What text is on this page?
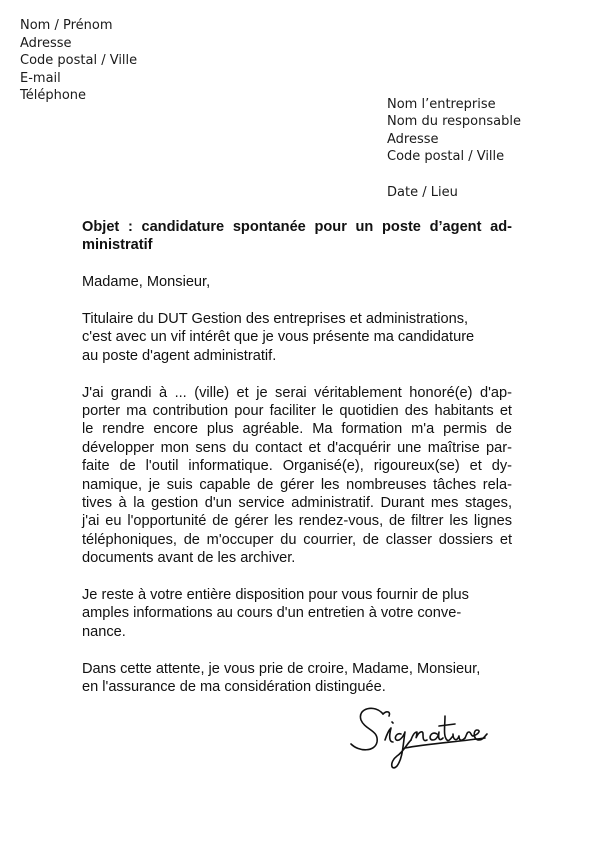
Nom / Prénom
Adresse
Code postal / Ville
E-mail
Téléphone
Nom l’entreprise
Nom du responsable
Adresse
Code postal / Ville
Date / Lieu
Objet : candidature spontanée pour un poste d’agent ad-
ministratif
Madame, Monsieur,
Titulaire du DUT Gestion des entreprises et administrations,
c'est avec un vif intérêt que je vous présente ma candidature
au poste d'agent administratif.
J'ai grandi à ... (ville) et je serai véritablement honoré(e) d'ap-
porter ma contribution pour faciliter le quotidien des habitants et
le rendre encore plus agréable. Ma formation m'a permis de
développer mon sens du contact et d'acquérir une maîtrise par-
faite de l'outil informatique. Organisé(e), rigoureux(se) et dy-
namique, je suis capable de gérer les nombreuses tâches rela-
tives à la gestion d'un service administratif. Durant mes stages,
j'ai eu l'opportunité de gérer les rendez-vous, de filtrer les lignes
téléphoniques, de m'occuper du courrier, de classer dossiers et
documents avant de les archiver.
Je reste à votre entière disposition pour vous fournir de plus
amples informations au cours d'un entretien à votre conve-
nance.
Dans cette attente, je vous prie de croire, Madame, Monsieur,
en l'assurance de ma considération distinguée.
